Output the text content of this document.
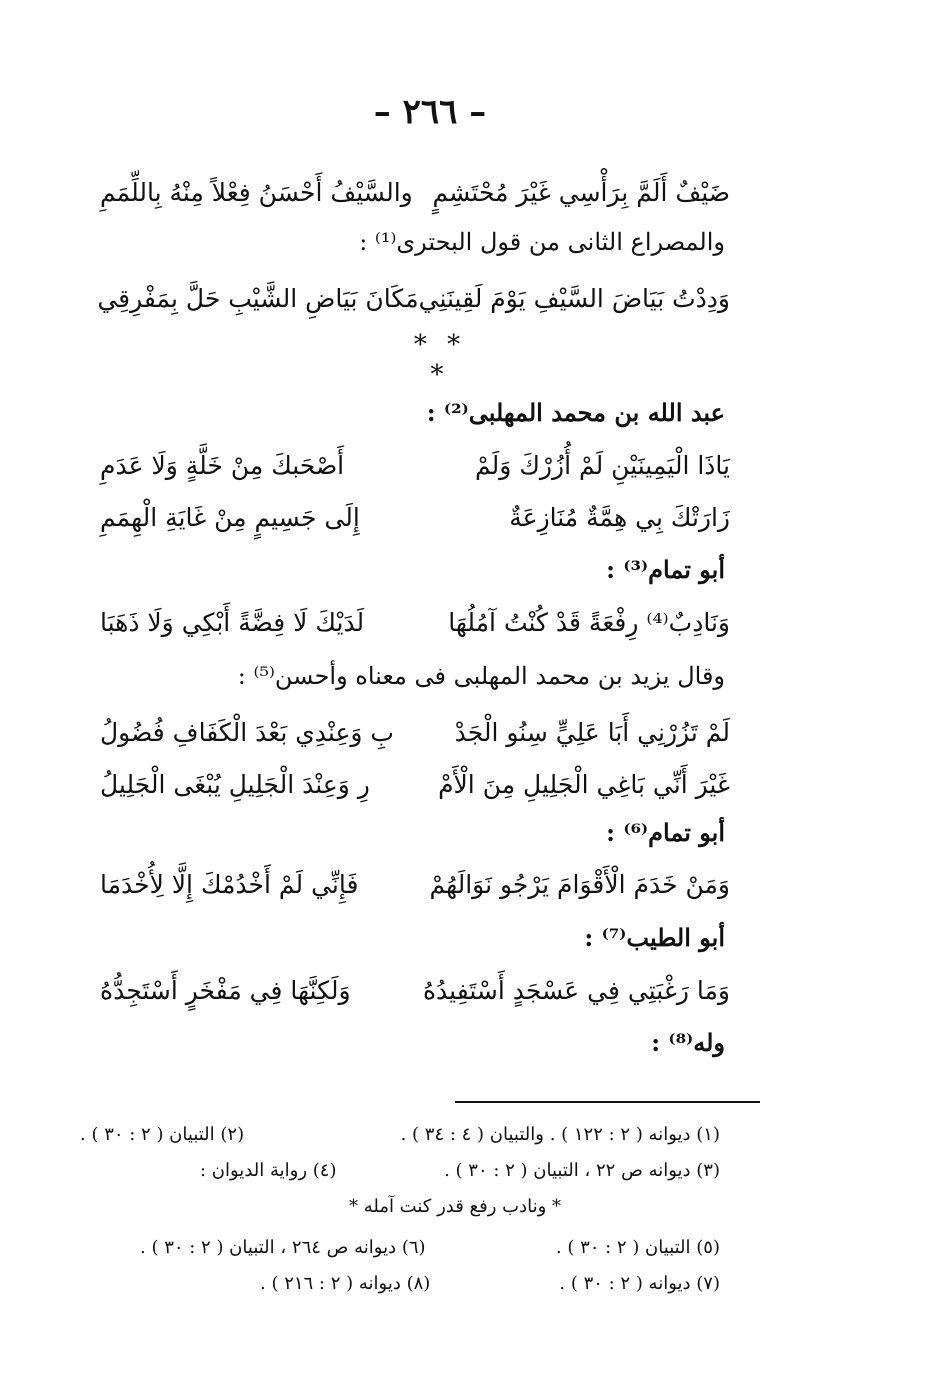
– ٢٦٦ –
ضَيْفٌ أَلَمَّ بِرَأْسِي غَيْرَ مُحْتَشِمٍ
والسَّيْفُ أَحْسَنُ فِعْلاً مِنْهُ بِاللِّمَمِ
والمصراع الثانى من قول البحترى⁽¹⁾ :
وَدِدْتُ بَيَاضَ السَّيْفِ يَوْمَ لَقِينَنِي
مَكَانَ بَيَاضِ الشَّيْبِ حَلَّ بِمَفْرِقِي
* * *
عبد الله بن محمد المهلبى⁽²⁾ :
يَاذَا الْيَمِينَيْنِ لَمْ أُزُرْكَ وَلَمْ
أَصْحَبكَ مِنْ خَلَّةٍ وَلَا عَدَمِ
زَارَتْكَ بِي هِمَّةٌ مُنَازِعَةٌ
إِلَى جَسِيمٍ مِنْ غَايَةِ الْهِمَمِ
أبو تمام⁽³⁾ :
وَنَادِبٌ⁽⁴⁾ رِفْعَةً قَدْ كُنْتُ آمُلُهَا
لَدَيْكَ لَا فِضَّةً أَبْكِي وَلَا ذَهَبَا
وقال يزيد بن محمد المهلبى فى معناه وأحسن⁽⁵⁾ :
لَمْ تَزُرْنِي أَبَا عَلِيٍّ سِنُو الْجَدْ
بِ وَعِنْدِي بَعْدَ الْكَفَافِ فُضُولُ
غَيْرَ أَنِّي بَاغِي الْجَلِيلِ مِنَ الْأَمْ
رِ وَعِنْدَ الْجَلِيلِ يُبْغَى الْجَلِيلُ
أبو تمام⁽⁶⁾ :
وَمَنْ خَدَمَ الْأَقْوَامَ يَرْجُو نَوَالَهُمْ
فَإِنِّي لَمْ أَخْدُمْكَ إِلَّا لِأُخْدَمَا
أبو الطيب⁽⁷⁾ :
وَمَا رَغْبَتِي فِي عَسْجَدٍ أَسْتَفِيدُهُ
وَلَكِنَّهَا فِي مَفْخَرٍ أَسْتَجِدُّهُ
وله⁽⁸⁾ :
(١) ديوانه ( ٢ : ١٢٢ ) . والتبيان ( ٤ : ٣٤ ) .
(٢) التبيان ( ٢ : ٣٠ ) .
(٣) ديوانه ص ٢٢ ، التبيان ( ٢ : ٣٠ ) .
(٤) رواية الديوان :
* ونادب رفع قدر كنت آمله *
(٥) التبيان ( ٢ : ٣٠ ) .
(٦) ديوانه ص ٢٦٤ ، التبيان ( ٢ : ٣٠ ) .
(٧) ديوانه ( ٢ : ٣٠ ) .
(٨) ديوانه ( ٢ : ٢١٦ ) .
